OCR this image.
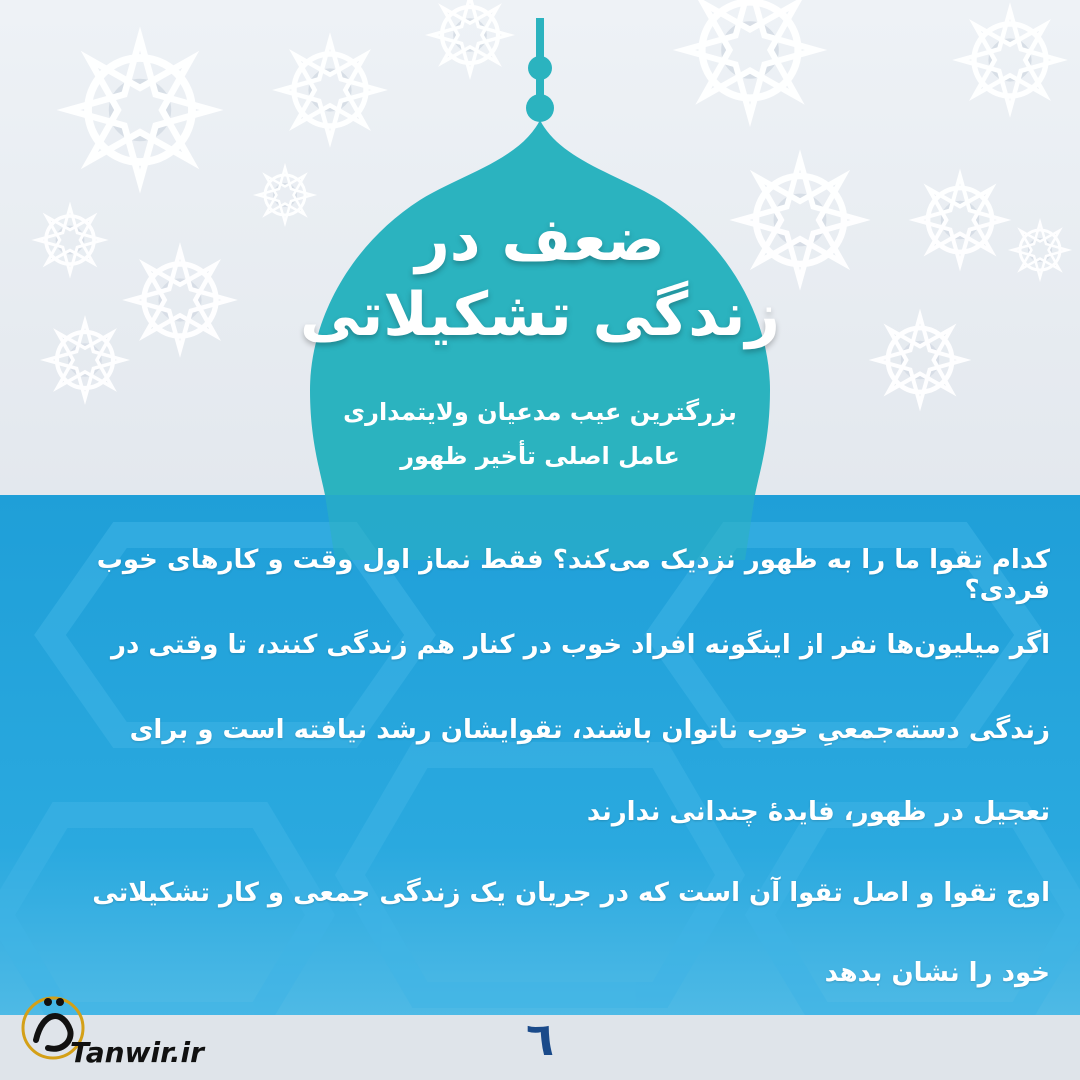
ضعف در
زندگی تشکیلاتی
بزرگترین عیب مدعیان ولایتمداری
عامل اصلی تأخیر ظهور
کدام تقوا ما را به ظهور نزدیک می‌کند؟ فقط نماز اول وقت و کارهای خوب فردی؟
اگر میلیون‌ها نفر از اینگونه افراد خوب در کنار هم زندگی کنند، تا وقتی در
زندگی دسته‌جمعیِ خوب ناتوان باشند، تقوایشان رشد نیافته است و برای
تعجیل در ظهور، فایدهٔ چندانی ندارند
اوج تقوا و اصل تقوا آن است که در جریان یک زندگی جمعی و کار تشکیلاتی
خود را نشان بدهد
٦
Tanwir.ir
